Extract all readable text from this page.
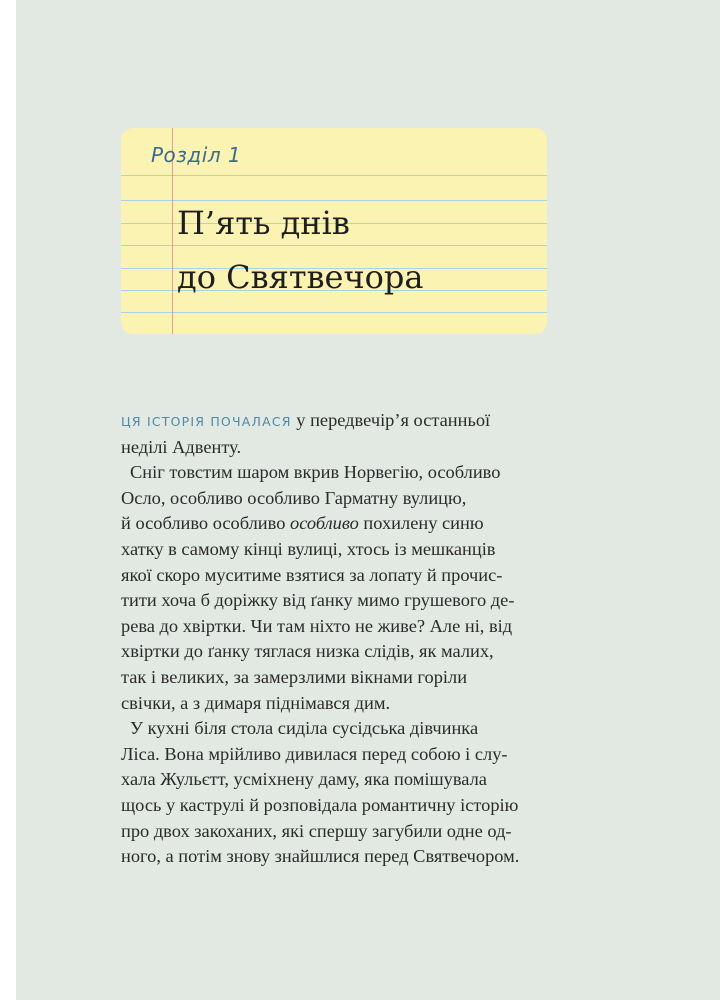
Розділ 1
П’ять днів
до Святвечора
ЦЯ ІСТОРІЯ ПОЧАЛАСЯ у передвечір’я останньої
неділі Адвенту.
Сніг товстим шаром вкрив Норвегію, особливо
Осло, особливо особливо Гарматну вулицю,
й особливо особливо особливо похилену синю
хатку в самому кінці вулиці, хтось із мешканців
якої скоро муситиме взятися за лопату й прочис-
тити хоча б доріжку від ґанку мимо грушевого де-
рева до хвіртки. Чи там ніхто не живе? Але ні, від
хвіртки до ґанку тяглася низка слідів, як малих,
так і великих, за замерзлими вікнами горіли
свічки, а з димаря піднімався дим.
У кухні біля стола сиділа сусідська дівчинка
Ліса. Вона мрійливо дивилася перед собою і слу-
хала Жульєтт, усміхнену даму, яка помішувала
щось у каструлі й розповідала романтичну історію
про двох закоханих, які спершу загубили одне од-
ного, а потім знову знайшлися перед Святвечором.
